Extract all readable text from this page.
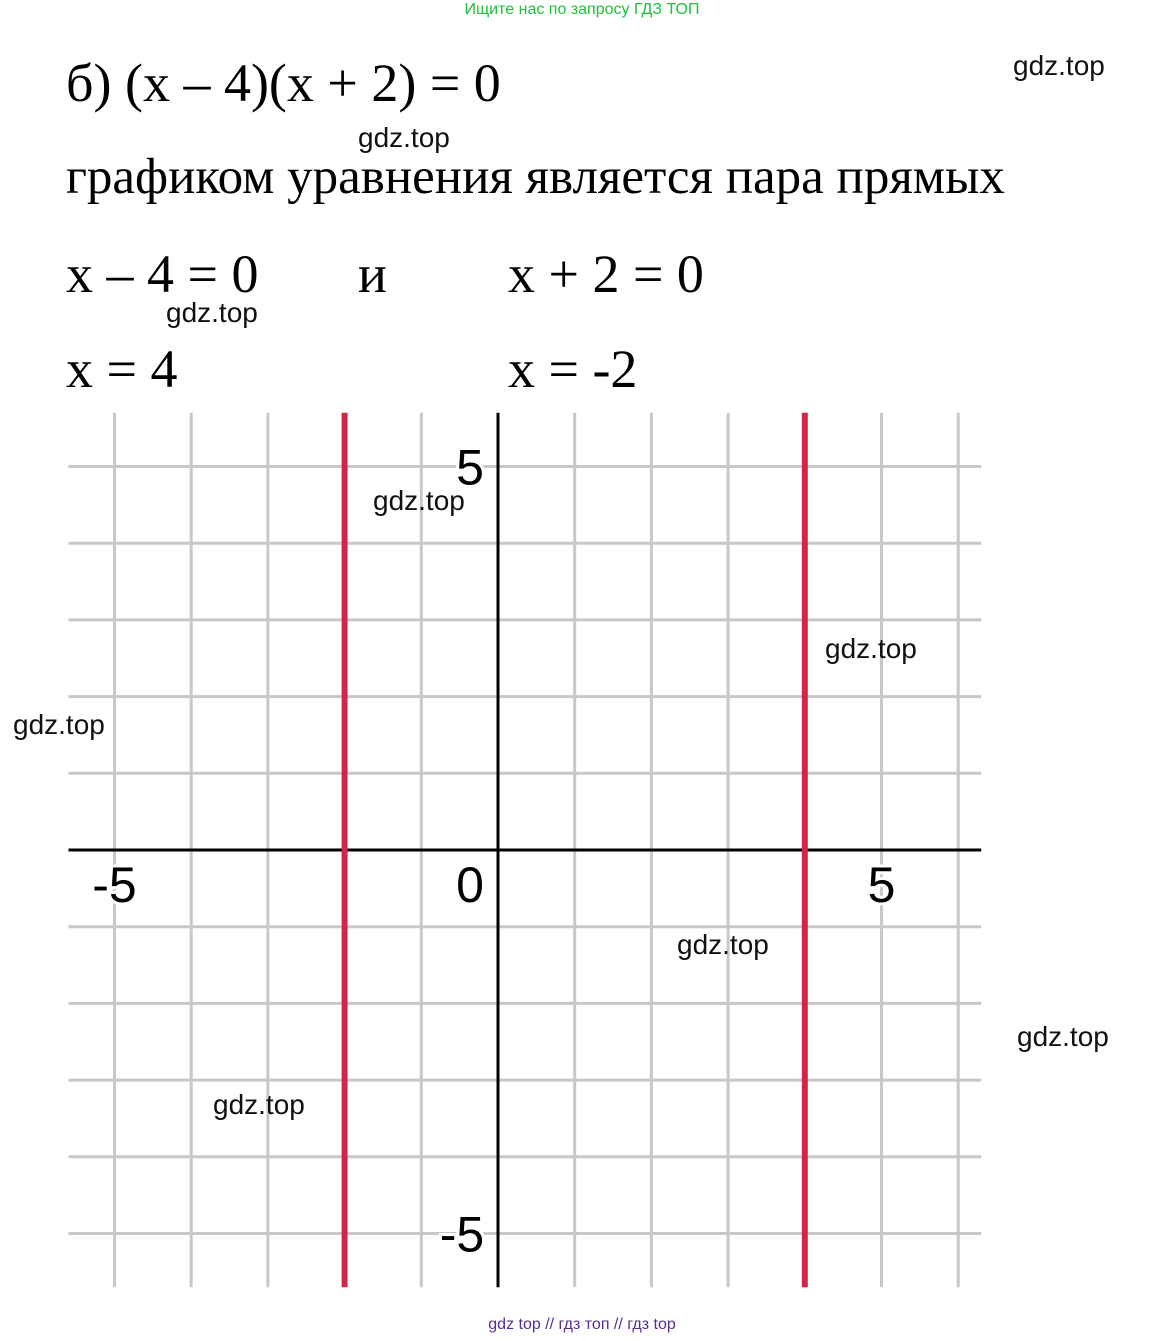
Ищите нас по запросу ГДЗ ТОП
б) (x – 4)(x + 2) = 0
графиком уравнения является пара прямых
x – 4 = 0 и x + 2 = 0
x = 4	x = -2
-5	0	5
5
-5
gdz.top
gdz.top
gdz.top
gdz.top
gdz.top
gdz.top
gdz.top
gdz.top
gdz.top
gdz top // гдз топ // гдз top
